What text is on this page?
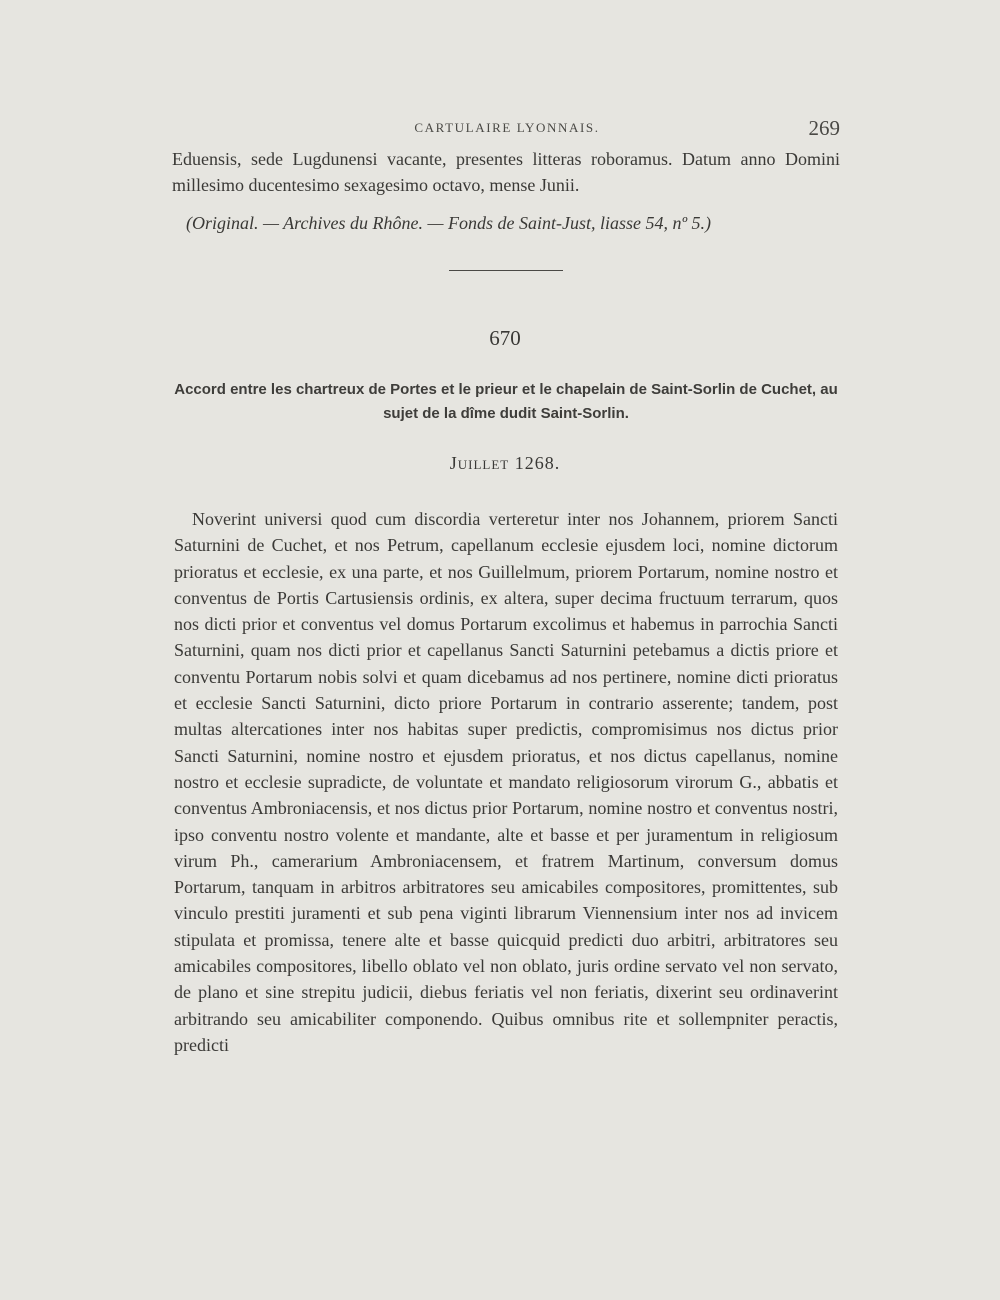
CARTULAIRE LYONNAIS.	269
Eduensis, sede Lugdunensi vacante, presentes litteras roboramus. Datum anno Domini millesimo ducentesimo sexagesimo octavo, mense Junii.
(Original. — Archives du Rhône. — Fonds de Saint-Just, liasse 54, nº 5.)
670
Accord entre les chartreux de Portes et le prieur et le chapelain de Saint-Sorlin de Cuchet, au sujet de la dîme dudit Saint-Sorlin.
Juillet 1268.

Noverint universi quod cum discordia verteretur inter nos Johannem, priorem Sancti Saturnini de Cuchet, et nos Petrum, capellanum ecclesie ejusdem loci, nomine dictorum prioratus et ecclesie, ex una parte, et nos Guillelmum, priorem Portarum, nomine nostro et conventus de Portis Cartusiensis ordinis, ex altera, super decima fructuum terrarum, quos nos dicti prior et conventus vel domus Portarum excolimus et habemus in parrochia Sancti Saturnini, quam nos dicti prior et capellanus Sancti Saturnini petebamus a dictis priore et conventu Portarum nobis solvi et quam dicebamus ad nos pertinere, nomine dicti prioratus et ecclesie Sancti Saturnini, dicto priore Portarum in contrario asserente; tandem, post multas altercationes inter nos habitas super predictis, compromisimus nos dictus prior Sancti Saturnini, nomine nostro et ejusdem prioratus, et nos dictus capellanus, nomine nostro et ecclesie supradicte, de voluntate et mandato religiosorum virorum G., abbatis et conventus Ambroniacensis, et nos dictus prior Portarum, nomine nostro et conventus nostri, ipso conventu nostro volente et mandante, alte et basse et per juramentum in religiosum virum Ph., camerarium Ambroniacensem, et fratrem Martinum, conversum domus Portarum, tanquam in arbitros arbitratores seu amicabiles compositores, promittentes, sub vinculo prestiti juramenti et sub pena viginti librarum Viennensium inter nos ad invicem stipulata et promissa, tenere alte et basse quicquid predicti duo arbitri, arbitratores seu amicabiles compositores, libello oblato vel non oblato, juris ordine servato vel non servato, de plano et sine strepitu judicii, diebus feriatis vel non feriatis, dixerint seu ordinaverint arbitrando seu amicabiliter componendo. Quibus omnibus rite et sollempniter peractis, predicti
